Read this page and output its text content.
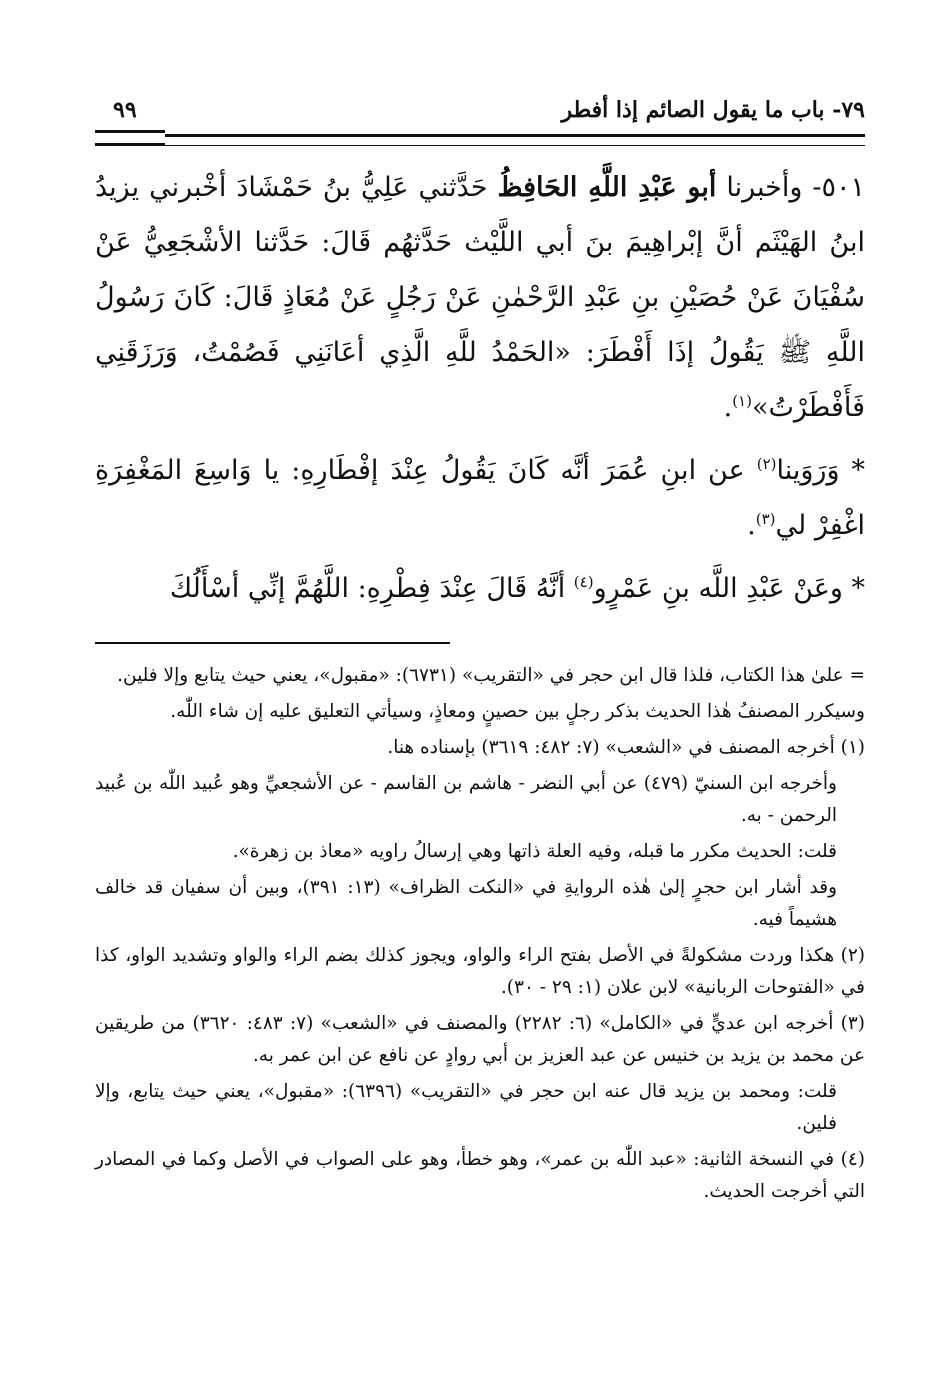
٧٩- باب ما يقول الصائم إذا أفطر
٩٩

٥٠١- وأخبرنا أبو عَبْدِ اللَّهِ الحَافِظُ حَدَّثني عَلِيُّ بنُ حَمْشَادَ أخْبرني يزيدُ ابنُ الهَيْثَم أنَّ إبْراهِيمَ بنَ أبي اللَّيْث حَدَّثهُم قَالَ: حَدَّثنا الأشْجَعِيُّ عَنْ سُفْيَانَ عَنْ حُصَيْنِ بنِ عَبْدِ الرَّحْمٰنِ عَنْ رَجُلٍ عَنْ مُعَاذٍ قَالَ: كَانَ رَسُولُ اللَّهِ ﷺ يَقُولُ إذَا أَفْطَرَ: «الحَمْدُ للَّهِ الَّذِي أعَانَنِي فَصُمْتُ، وَرَزَقَنِي فَأَفْطَرْتُ»$^{(١)}$.

* وَرَوَينا$^{(٢)}$ عن ابنِ عُمَرَ أنَّه كَانَ يَقُولُ عِنْدَ إفْطَارِهِ: يا وَاسِعَ المَغْفِرَةِ اغْفِرْ لي$^{(٣)}$.

* وعَنْ عَبْدِ اللَّه بنِ عَمْرٍو$^{(٤)}$ أنَّهُ قَالَ عِنْدَ فِطْرِهِ: اللَّهُمَّ إنِّي أسْأَلُكَ

= علىٰ هذا الكتاب، فلذا قال ابن حجر في «التقريب» (٦٧٣١): «مقبول»، يعني حيث يتابع وإلا فلين.

وسيكرر المصنفُ هٰذا الحديث بذكر رجلٍ بين حصينٍ ومعاذٍ، وسيأتي التعليق عليه إن شاء اللّٰه.

(١) أخرجه المصنف في «الشعب» (٧: ٤٨٢: ٣٦١٩) بإسناده هنا.

وأخرجه ابن السنيّ (٤٧٩) عن أبي النضر - هاشم بن القاسم - عن الأشجعيِّ وهو عُبيد اللّٰه بن عُبيد الرحمن - به.

قلت: الحديث مكرر ما قبله، وفيه العلة ذاتها وهي إرسالُ راويه «معاذ بن زهرة».

وقد أشار ابن حجرٍ إلىٰ هٰذه الروايةِ في «النكت الظراف» (١٣: ٣٩١)، وبين أن سفيان قد خالف هشيماً فيه.

(٢) هكذا وردت مشكولةً في الأصل بفتح الراء والواو، ويجوز كذلك بضم الراء والواو وتشديد الواو، كذا في «الفتوحات الربانية» لابن علان (١: ٢٩ - ٣٠).

(٣) أخرجه ابن عديٍّ في «الكامل» (٦: ٢٢٨٢) والمصنف في «الشعب» (٧: ٤٨٣: ٣٦٢٠) من طريقين عن محمد بن يزيد بن خنيس عن عبد العزيز بن أبي روادٍ عن نافع عن ابن عمر به.

قلت: ومحمد بن يزيد قال عنه ابن حجر في «التقريب» (٦٣٩٦): «مقبول»، يعني حيث يتابع، وإلا فلين.

(٤) في النسخة الثانية: «عبد اللّٰه بن عمر»، وهو خطأ، وهو على الصواب في الأصل وكما في المصادر التي أخرجت الحديث.
